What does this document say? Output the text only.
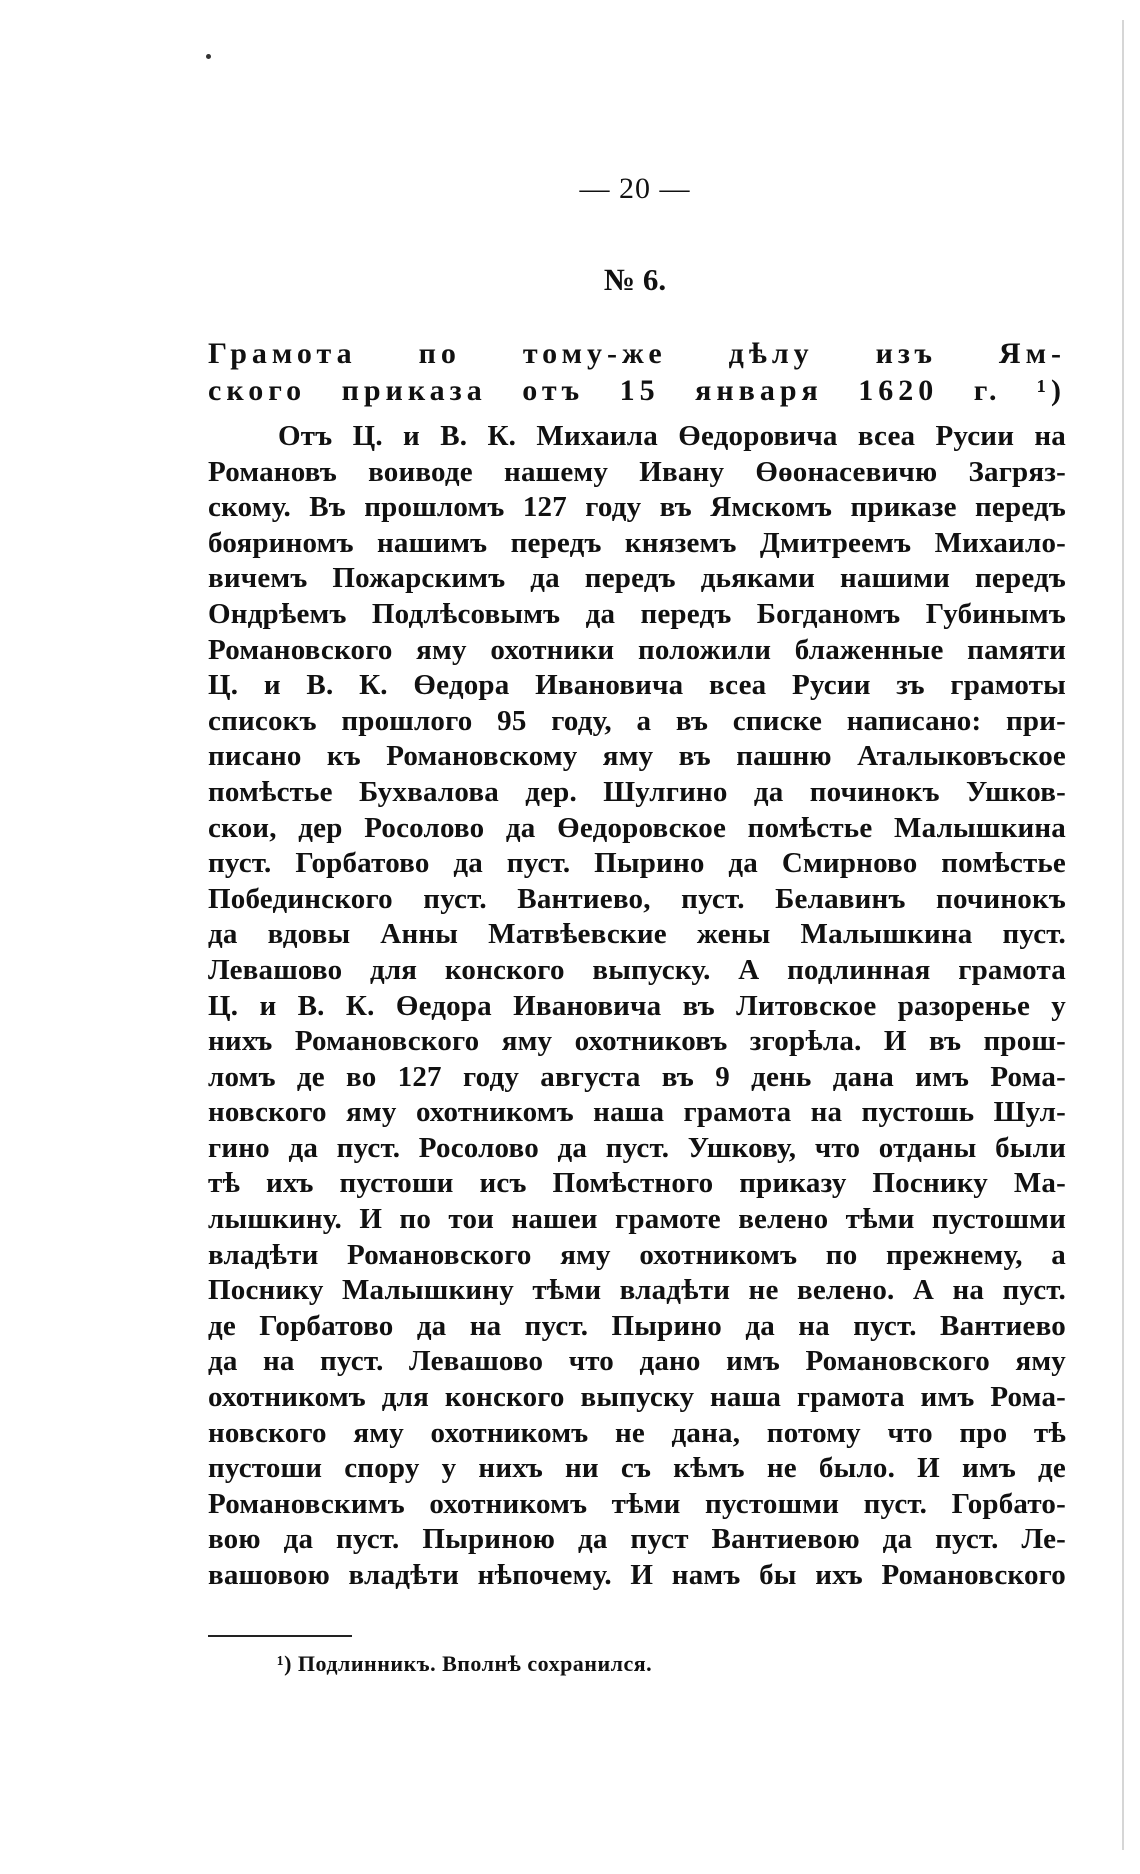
— 20 —
№ 6.
Грамота по тому-же дѣлу изъ Ям-
ского приказа отъ 15 января 1620 г. ¹)
Отъ Ц. и В. К. Михаила Өедоровича всеа Русии на
Романовъ воиводе нашему Ивану Өөонасевичю Загряз-
скому. Въ прошломъ 127 году въ Ямскомъ приказе передъ
бояриномъ нашимъ передъ княземъ Дмитреемъ Михаило-
вичемъ Пожарскимъ да передъ дьяками нашими передъ
Ондрѣемъ Подлѣсовымъ да передъ Богданомъ Губинымъ
Романовского яму охотники положили блаженные памяти
Ц. и В. К. Өедора Ивановича всеа Русии зъ грамоты
списокъ прошлого 95 году, а въ списке написано: при-
писано къ Романовскому яму въ пашню Аталыковъское
помѣстье Бухвалова дер. Шулгино да починокъ Ушков-
скои, дер Росолово да Өедоровское помѣстье Малышкина
пуст. Горбатово да пуст. Пырино да Смирново помѣстье
Побединского пуст. Вантиево, пуст. Белавинъ починокъ
да вдовы Анны Матвѣевские жены Малышкина пуст.
Левашово для конского выпуску. А подлинная грамота
Ц. и В. К. Өедора Ивановича въ Литовское разоренье у
нихъ Романовского яму охотниковъ згорѣла. И въ прош-
ломъ де во 127 году августа въ 9 день дана имъ Рома-
новского яму охотникомъ наша грамота на пустошь Шул-
гино да пуст. Росолово да пуст. Ушкову, что отданы были
тѣ ихъ пустоши исъ Помѣстного приказу Поснику Ма-
лышкину. И по тои нашеи грамоте велено тѣми пустошми
владѣти Романовского яму охотникомъ по прежнему, а
Поснику Малышкину тѣми владѣти не велено. А на пуст.
де Горбатово да на пуст. Пырино да на пуст. Вантиево
да на пуст. Левашово что дано имъ Романовского яму
охотникомъ для конского выпуску наша грамота имъ Рома-
новского яму охотникомъ не дана, потому что про тѣ
пустоши спору у нихъ ни съ кѣмъ не было. И имъ де
Романовскимъ охотникомъ тѣми пустошми пуст. Горбато-
вою да пуст. Пыриною да пуст Вантиевою да пуст. Ле-
вашовою владѣти нѣпочему. И намъ бы ихъ Романовского
¹) Подлинникъ. Вполнѣ сохранился.
